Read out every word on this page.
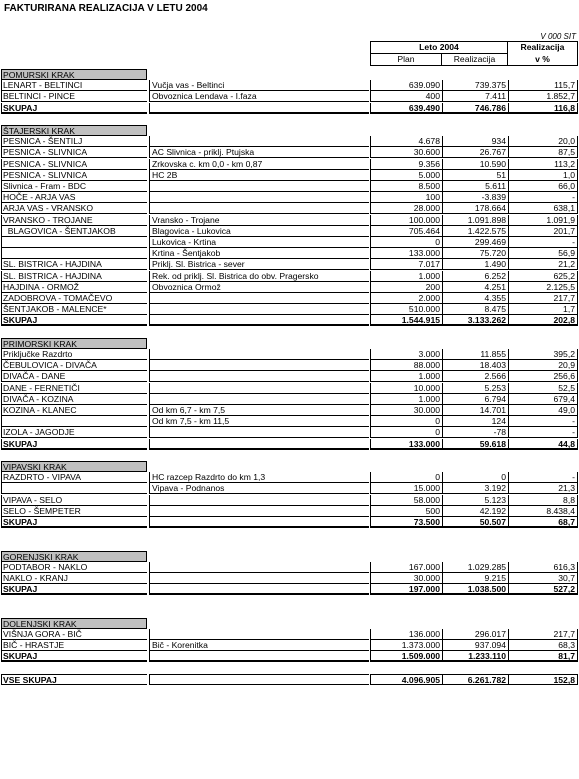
FAKTURIRANA REALIZACIJA V LETU 2004
V 000 SIT
Leto 2004
Plan	Realizacija
Realizacija
v %
POMURSKI KRAK
LENART - BELTINCI	Vučja vas - Beltinci	639.090	739.375	115,7
BELTINCI - PINCE	Obvoznica Lendava - I.faza	400	7.411	1.852,7
SKUPAJ	639.490	746.786	116,8
ŠTAJERSKI KRAK
PESNICA - ŠENTILJ	4.678	934	20,0
PESNICA - SLIVNICA	AC Slivnica - priklj. Ptujska	30.600	26.767	87,5
PESNICA - SLIVNICA	Zrkovska c. km 0,0 - km 0,87	9.356	10.590	113,2
PESNICA - SLIVNICA	HC 2B	5.000	51	1,0
Slivnica - Fram - BDC	8.500	5.611	66,0
HOČE - ARJA VAS	100	-3.839	-
ARJA VAS - VRANSKO	28.000	178.664	638,1
VRANSKO - TROJANE	Vransko - Trojane	100.000	1.091.898	1.091,9
BLAGOVICA - ŠENTJAKOB	Blagovica - Lukovica	705.464	1.422.575	201,7
Lukovica - Krtina	0	299.469	-
Krtina - Šentjakob	133.000	75.720	56,9
SL. BISTRICA - HAJDINA	Priklj. Sl. Bistrica - sever	7.017	1.490	21,2
SL. BISTRICA - HAJDINA	Rek. od priklj. Sl. Bistrica do obv. Pragersko	1.000	6.252	625,2
HAJDINA - ORMOŽ	Obvoznica Ormož	200	4.251	2.125,5
ZADOBROVA - TOMAČEVO	2.000	4.355	217,7
ŠENTJAKOB - MALENCE*	510.000	8.475	1,7
SKUPAJ	1.544.915	3.133.262	202,8
PRIMORSKI KRAK
Priključke Razdrto	3.000	11.855	395,2
ČEBULOVICA - DIVAČA	88.000	18.403	20,9
DIVAČA - DANE	1.000	2.566	256,6
DANE - FERNETIČI	10.000	5.253	52,5
DIVAČA - KOZINA	1.000	6.794	679,4
KOZINA - KLANEC	Od km 6,7 - km 7,5	30.000	14.701	49,0
Od km 7,5 - km 11,5	0	124	-
IZOLA - JAGODJE	0	-78	-
SKUPAJ	133.000	59.618	44,8
VIPAVSKI KRAK
RAZDRTO - VIPAVA	HC razcep Razdrto do km 1,3	0	0	-
Vipava - Podnanos	15.000	3.192	21,3
VIPAVA - SELO	58.000	5.123	8,8
SELO - ŠEMPETER	500	42.192	8.438,4
SKUPAJ	73.500	50.507	68,7
GORENJSKI KRAK
PODTABOR - NAKLO	167.000	1.029.285	616,3
NAKLO - KRANJ	30.000	9.215	30,7
SKUPAJ	197.000	1.038.500	527,2
DOLENJSKI KRAK
VIŠNJA GORA - BIČ	136.000	296.017	217,7
BIČ - HRASTJE	Bič - Korenitka	1.373.000	937.094	68,3
SKUPAJ	1.509.000	1.233.110	81,7
VSE SKUPAJ	4.096.905	6.261.782	152,8
